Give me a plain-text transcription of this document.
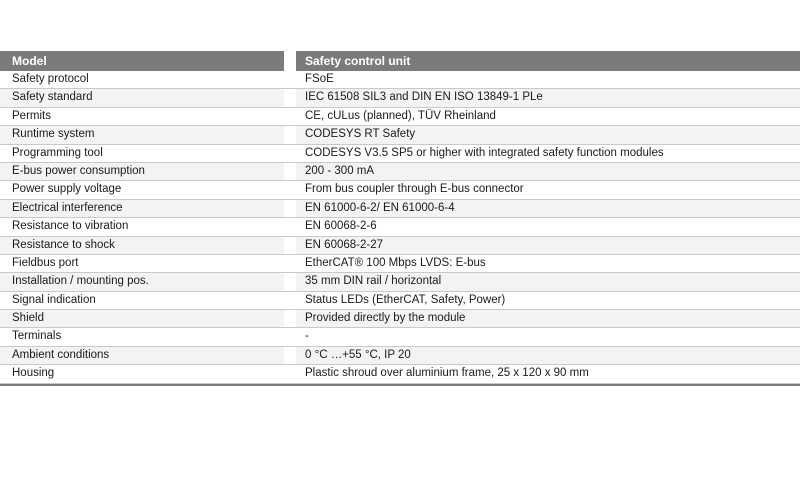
Model	Safety control unit
Safety protocol	FSoE
Safety standard	IEC 61508 SIL3 and DIN EN ISO 13849-1 PLe
Permits	CE, cULus (planned), TÜV Rheinland
Runtime system	CODESYS RT Safety
Programming tool	CODESYS V3.5 SP5 or higher with integrated safety function modules
E-bus power consumption	200 - 300 mA
Power supply voltage	From bus coupler through E-bus connector
Electrical interference	EN 61000-6-2/ EN 61000-6-4
Resistance to vibration	EN 60068-2-6
Resistance to shock	EN 60068-2-27
Fieldbus port	EtherCAT® 100 Mbps LVDS: E-bus
Installation / mounting pos.	35 mm DIN rail / horizontal
Signal indication	Status LEDs (EtherCAT, Safety, Power)
Shield	Provided directly by the module
Terminals	-
Ambient conditions	0 °C …+55 °C, IP 20
Housing	Plastic shroud over aluminium frame, 25 x 120 x 90 mm
